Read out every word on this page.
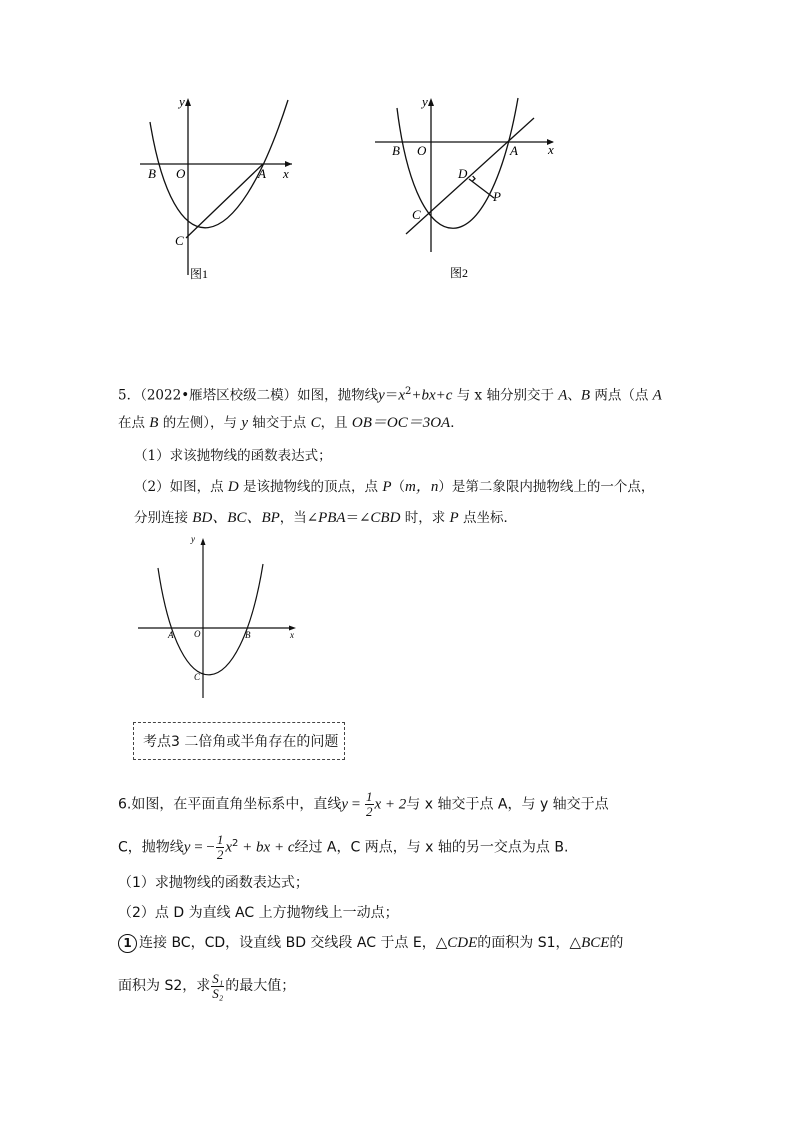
y
x
O	A
B
C
图1
y
x
O	A
B
C
D
P
图2
5．（2022•雁塔区校级二模）如图，抛物线$y=x^2+bx+c$ 与 x 轴分别交于 A、B 两点（点 A
在点 B 的左侧），与 y 轴交于点 C，且 OB＝OC＝3OA．
（1）求该抛物线的函数表达式；
（2）如图，点 D 是该抛物线的顶点，点 P（m，n）是第二象限内抛物线上的一个点，
分别连接 BD、BC、BP，当∠PBA＝∠CBD 时，求 P 点坐标．
y
x
O
A	B
C
考点3 二倍角或半角存在的问题
6.如图，在平面直角坐标系中，直线$y = \frac{1}{2}$ x + 2与 x 轴交于点 A，与 y 轴交于点
C，抛物线y = − $\frac{1}{2} x^2$ + bx + c经过 A，C 两点，与 x 轴的另一交点为点 B.
（1）求抛物线的函数表达式；
（2）点 D 为直线 AC 上方抛物线上一动点；
1 连接 BC，CD，设直线 BD 交线段 AC 于点 E，△CDE的面积为 S1，△BCE的
面积为 S2，求 $\frac{\text{S₁}}{\text{S₂}}$ 的最大值；
